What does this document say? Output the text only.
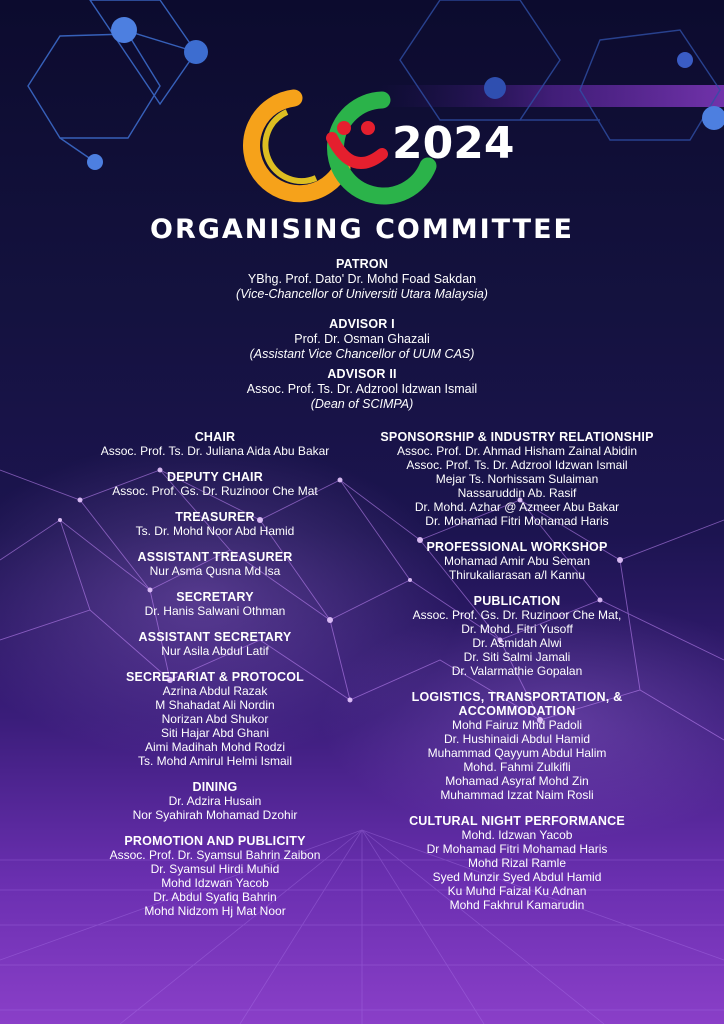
2024
ORGANISING COMMITTEE
PATRON
YBhg. Prof. Dato' Dr. Mohd Foad Sakdan
(Vice-Chancellor of Universiti Utara Malaysia)
ADVISOR I
Prof. Dr. Osman Ghazali
(Assistant Vice Chancellor of UUM CAS)
ADVISOR II
Assoc. Prof. Ts. Dr. Adzrool Idzwan Ismail
(Dean of SCIMPA)
CHAIR
Assoc. Prof. Ts. Dr. Juliana Aida Abu Bakar
DEPUTY CHAIR
Assoc. Prof. Gs. Dr. Ruzinoor Che Mat
TREASURER
Ts. Dr. Mohd Noor Abd Hamid
ASSISTANT TREASURER
Nur Asma Qusna Md Isa
SECRETARY
Dr. Hanis Salwani Othman
ASSISTANT SECRETARY
Nur Asila Abdul Latif
SECRETARIAT & PROTOCOL
Azrina Abdul Razak
M Shahadat Ali Nordin
Norizan Abd Shukor
Siti Hajar Abd Ghani
Aimi Madihah Mohd Rodzi
Ts. Mohd Amirul Helmi Ismail
DINING
Dr. Adzira Husain
Nor Syahirah Mohamad Dzohir
PROMOTION AND PUBLICITY
Assoc. Prof. Dr. Syamsul Bahrin Zaibon
Dr. Syamsul Hirdi Muhid
Mohd Idzwan Yacob
Dr. Abdul Syafiq Bahrin
Mohd Nidzom Hj Mat Noor
SPONSORSHIP & INDUSTRY RELATIONSHIP
Assoc. Prof. Dr. Ahmad Hisham Zainal Abidin
Assoc. Prof. Ts. Dr. Adzrool Idzwan Ismail
Mejar Ts. Norhissam Sulaiman
Nassaruddin Ab. Rasif
Dr. Mohd. Azhar @ Azmeer Abu Bakar
Dr. Mohamad Fitri Mohamad Haris
PROFESSIONAL WORKSHOP
Mohamad Amir Abu Seman
Thirukaliarasan a/l Kannu
PUBLICATION
Assoc. Prof. Gs. Dr. Ruzinoor Che Mat,
Dr. Mohd. Fitri Yusoff
Dr. Asmidah Alwi
Dr. Siti Salmi Jamali
Dr. Valarmathie Gopalan
LOGISTICS, TRANSPORTATION, &
ACCOMMODATION
Mohd Fairuz Mhd Padoli
Dr. Hushinaidi Abdul Hamid
Muhammad Qayyum Abdul Halim
Mohd. Fahmi Zulkifli
Mohamad Asyraf Mohd Zin
Muhammad Izzat Naim Rosli
CULTURAL NIGHT PERFORMANCE
Mohd. Idzwan Yacob
Dr Mohamad Fitri Mohamad Haris
Mohd Rizal Ramle
Syed Munzir Syed Abdul Hamid
Ku Muhd Faizal Ku Adnan
Mohd Fakhrul Kamarudin
